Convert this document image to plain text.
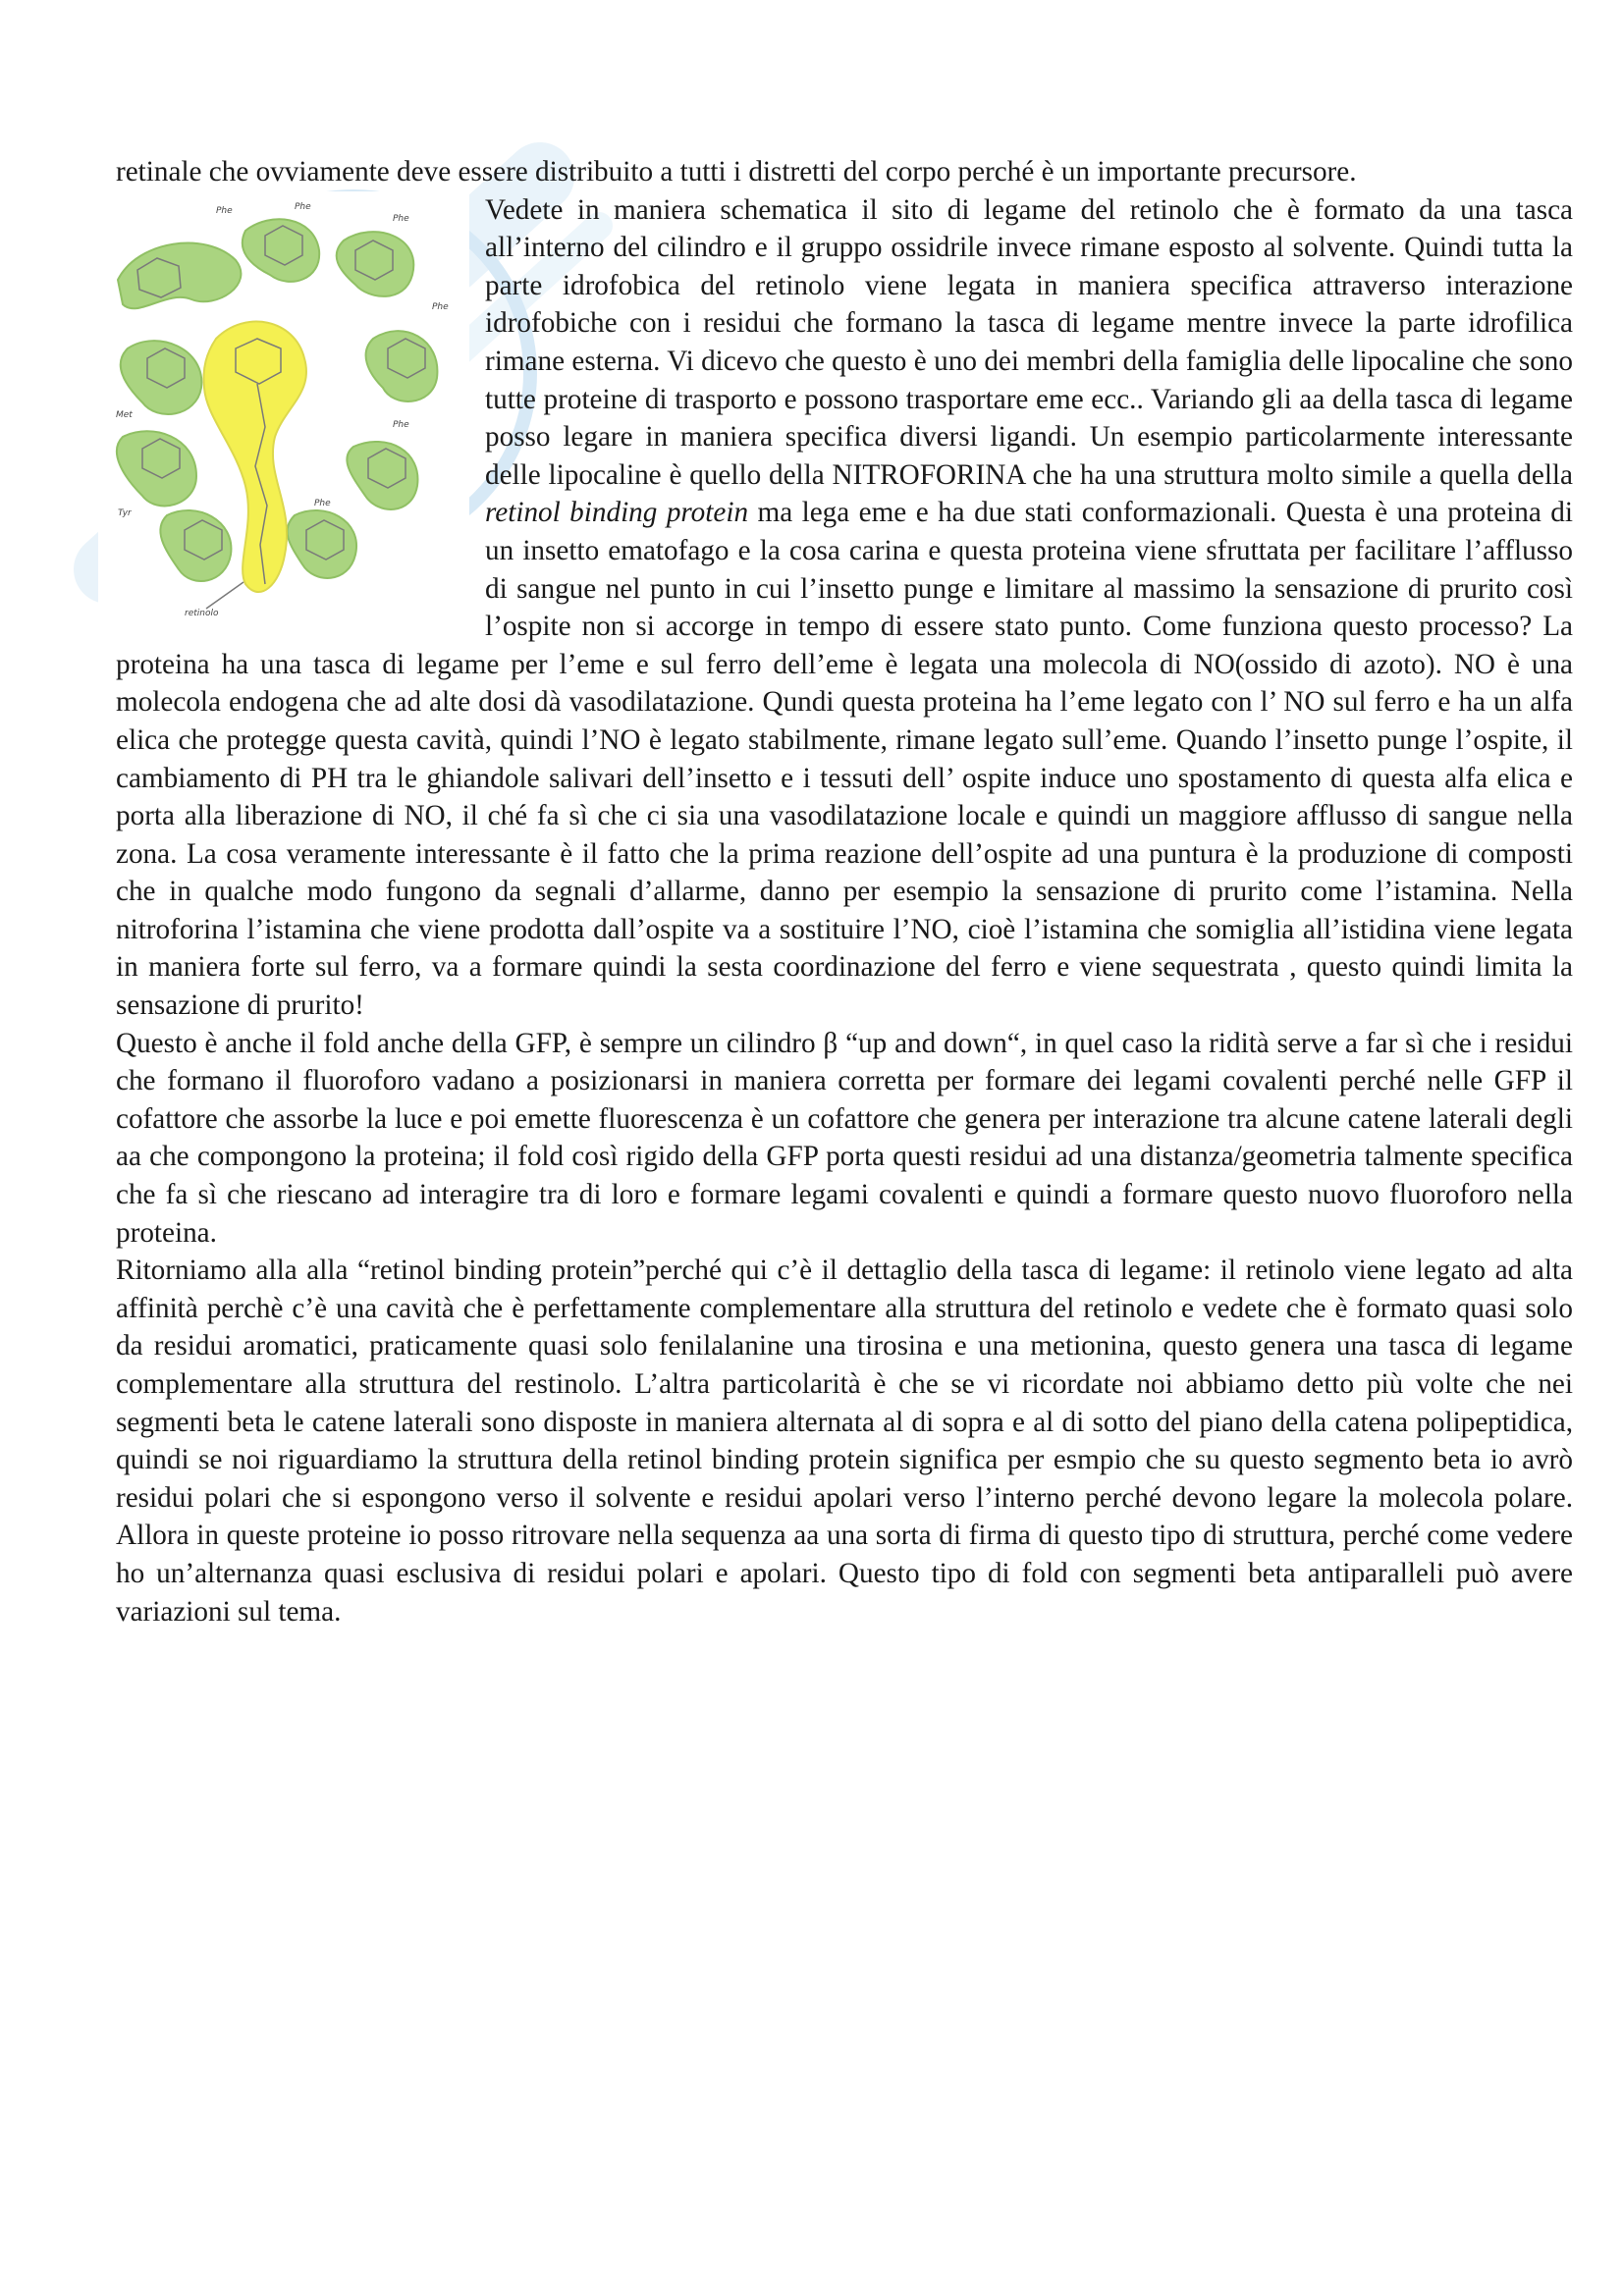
retinale che ovviamente deve essere distribuito a tutti i distretti del corpo perché è un importante precursore.

Phe	Phe
Phe
Met
Phe
Phe
Tyr
Phe
retinolo

Vedete in maniera schematica il sito di legame del retinolo che è formato da una tasca all’interno del cilindro e il gruppo ossidrile invece rimane esposto al solvente. Quindi tutta la parte idrofobica del retinolo viene legata in maniera specifica attraverso interazione idrofobiche con i residui che formano la tasca di legame mentre invece la parte idrofilica rimane esterna. Vi dicevo che questo è uno dei membri della famiglia delle lipocaline che sono tutte proteine di trasporto e possono trasportare eme ecc.. Variando gli aa della tasca di legame posso legare in maniera specifica diversi ligandi. Un esempio particolarmente interessante delle lipocaline è quello della NITROFORINA che ha una struttura molto simile a quella della retinol binding protein ma lega eme e ha due stati conformazionali. Questa è una proteina di un insetto ematofago e la cosa carina e questa proteina viene sfruttata per facilitare l’afflusso di sangue nel punto in cui l’insetto punge e limitare al massimo la sensazione di prurito così l’ospite non si accorge in tempo di essere stato punto. Come funziona questo processo? La proteina ha una tasca di legame per l’eme e sul ferro dell’eme è legata una molecola di NO(ossido di azoto). NO è una molecola endogena che ad alte dosi dà vasodilatazione. Qundi questa proteina ha l’eme legato con l’ NO sul ferro e ha un alfa elica che protegge questa cavità, quindi l’NO è legato stabilmente, rimane legato sull’eme. Quando l’insetto punge l’ospite, il cambiamento di PH tra le ghiandole salivari dell’insetto e i tessuti dell’ ospite induce uno spostamento di questa alfa elica e porta alla liberazione di NO, il ché fa sì che ci sia una vasodilatazione locale e quindi un maggiore afflusso di sangue nella zona. La cosa veramente interessante è il fatto che la prima reazione dell’ospite ad una puntura è la produzione di composti che in qualche modo fungono da segnali d’allarme, danno per esempio la sensazione di prurito come l’istamina. Nella nitroforina l’istamina che viene prodotta dall’ospite va a sostituire l’NO, cioè l’istamina che somiglia all’istidina viene legata in maniera forte sul ferro, va a formare quindi la sesta coordinazione del ferro e viene sequestrata , questo quindi limita la sensazione di prurito!

Questo è anche il fold anche della GFP, è sempre un cilindro β “up and down“, in quel caso la ridità serve a far sì che i residui che formano il fluoroforo vadano a posizionarsi in maniera corretta per formare dei legami covalenti perché nelle GFP il cofattore che assorbe la luce e poi emette fluorescenza è un cofattore che genera per interazione tra alcune catene laterali degli aa che compongono la proteina; il fold così rigido della GFP porta questi residui ad una distanza/geometria talmente specifica che fa sì che riescano ad interagire tra di loro e formare legami covalenti e quindi a formare questo nuovo fluoroforo nella proteina.

Ritorniamo alla alla “retinol binding protein”perché qui c’è il dettaglio della tasca di legame: il retinolo viene legato ad alta affinità perchè c’è una cavità che è perfettamente complementare alla struttura del retinolo e vedete che è formato quasi solo da residui aromatici, praticamente quasi solo fenilalanine una tirosina e una metionina, questo genera una tasca di legame complementare alla struttura del restinolo. L’altra particolarità è che se vi ricordate noi abbiamo detto più volte che nei segmenti beta le catene laterali sono disposte in maniera alternata al di sopra e al di sotto del piano della catena polipeptidica, quindi se noi riguardiamo la struttura della retinol binding protein significa per esmpio che su questo segmento beta io avrò residui polari che si espongono verso il solvente e residui apolari verso l’interno perché devono legare la molecola polare. Allora in queste proteine io posso ritrovare nella sequenza aa una sorta di firma di questo tipo di struttura, perché come vedere ho un’alternanza quasi esclusiva di residui polari e apolari. Questo tipo di fold con segmenti beta antiparalleli può avere variazioni sul tema.
